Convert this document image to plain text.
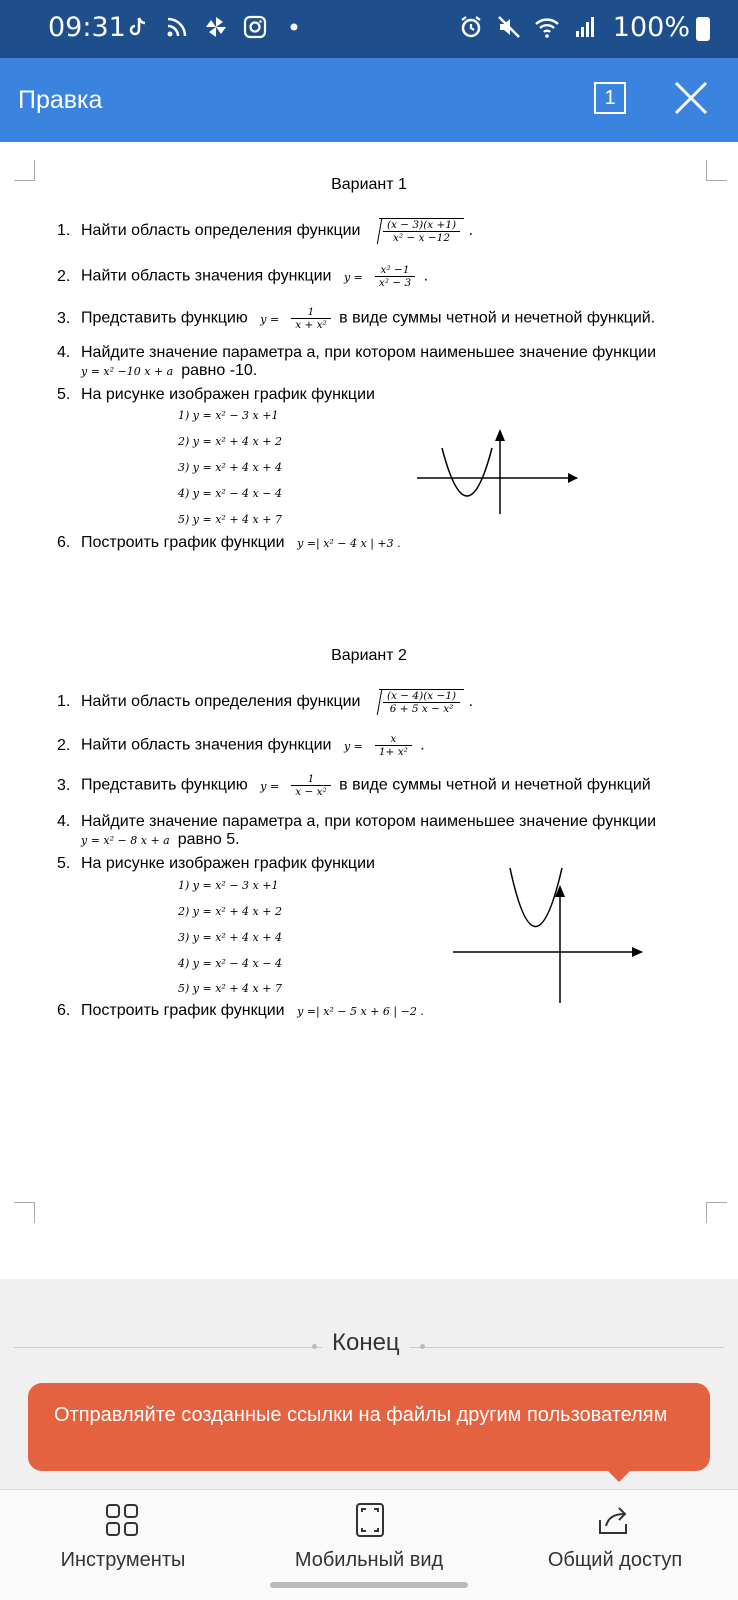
09:31	100%
Правка	1
Вариант 1
1. Найти область определения функции $\frac{(x - 3)(x +1)}{\text{x² − x −12}}$ .
2. Найти область значения функции $y = \frac{\text{x² −1}}{\text{x² − 3}}$ .
3. Представить функцию $y = \frac{1}{\text{x + x²}}$ в виде суммы четной и нечетной функций.
4. Найдите значение параметра a, при котором наименьшее значение функции
y = x² −10 x + a равно -10.
5. На рисунке изображен график функции
1) y = x² − 3 x +1
2) y = x² + 4 x + 2
3) y = x² + 4 x + 4
4) y = x² − 4 x − 4
5) y = x² + 4 x + 7
6. Построить график функции y =| x² − 4 x | +3 .
Вариант 2
1. Найти область определения функции $\frac{(x - 4)(x -1)}{\text{6 + 5 x − x²}}$ .
2. Найти область значения функции $y = \frac{x}{\text{1+ x²}}$ .
3. Представить функцию $y = \frac{1}{\text{x − x²}}$ в виде суммы четной и нечетной функций
4. Найдите значение параметра a, при котором наименьшее значение функции
y = x² − 8 x + a равно 5.
5. На рисунке изображен график функции
1) y = x² − 3 x +1
2) y = x² + 4 x + 2
3) y = x² + 4 x + 4
4) y = x² − 4 x − 4
5) y = x² + 4 x + 7
6. Построить график функции y =| x² − 5 x + 6 | −2 .
Конец
Отправляйте созданные ссылки на файлы другим пользователям
Инструменты	Мобильный вид	Общий доступ
